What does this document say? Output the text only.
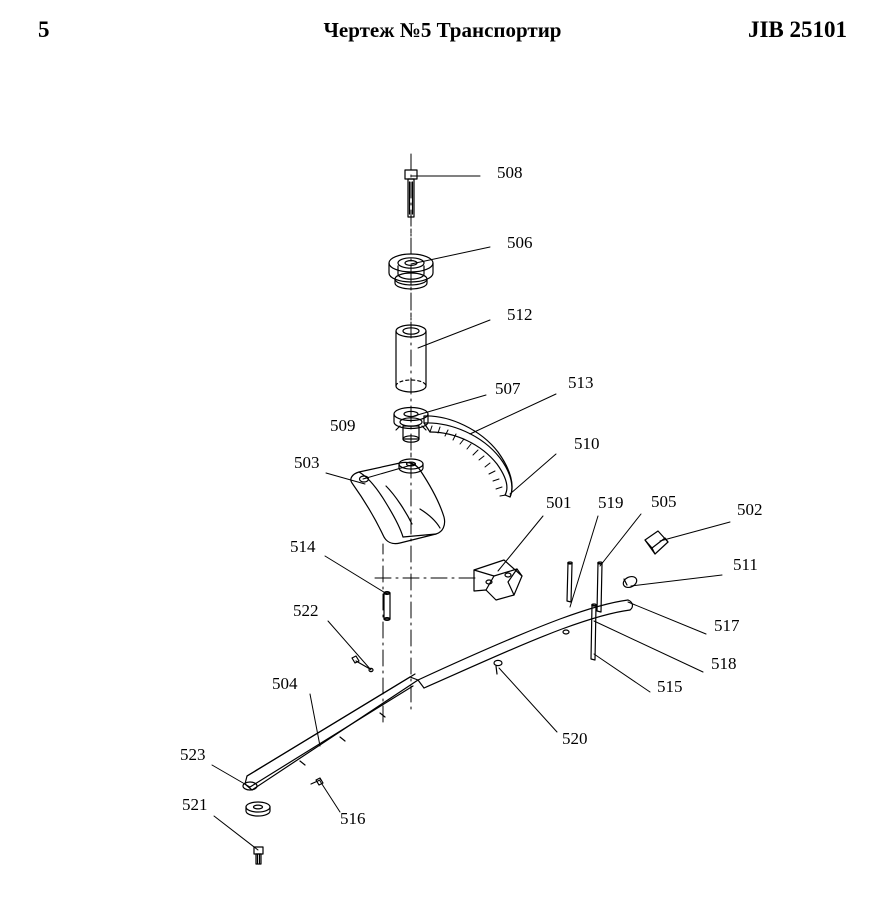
5	Чертеж №5 Транспортир	JIB 25101
508
506
512
507	513
509
510
503
501 519 505	502
514
511
517
522
518
515
504
520
523
521
516
